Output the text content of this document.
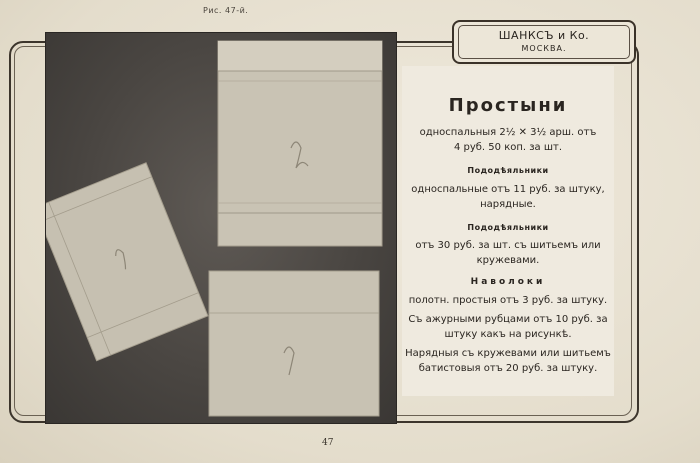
Рис. 47-й.
ШАНКСЪ и Ко.
МОСКВА.
Простыни
односпальныя 2½ ✕ 3½ арш. отъ
4 руб. 50 коп. за шт.
Пододѣяльники
односпальные отъ 11 руб. за штуку,
нарядные.
Пододѣяльники
отъ 30 руб. за шт. съ шитьемъ или
кружевами.
Наволоки
полотн. простыя отъ 3 руб. за штуку.
Съ ажурными рубцами отъ 10 руб. за
штуку какъ на рисункѣ.
Нарядныя съ кружевами или шитьемъ
батистовыя отъ 20 руб. за штуку.
47
